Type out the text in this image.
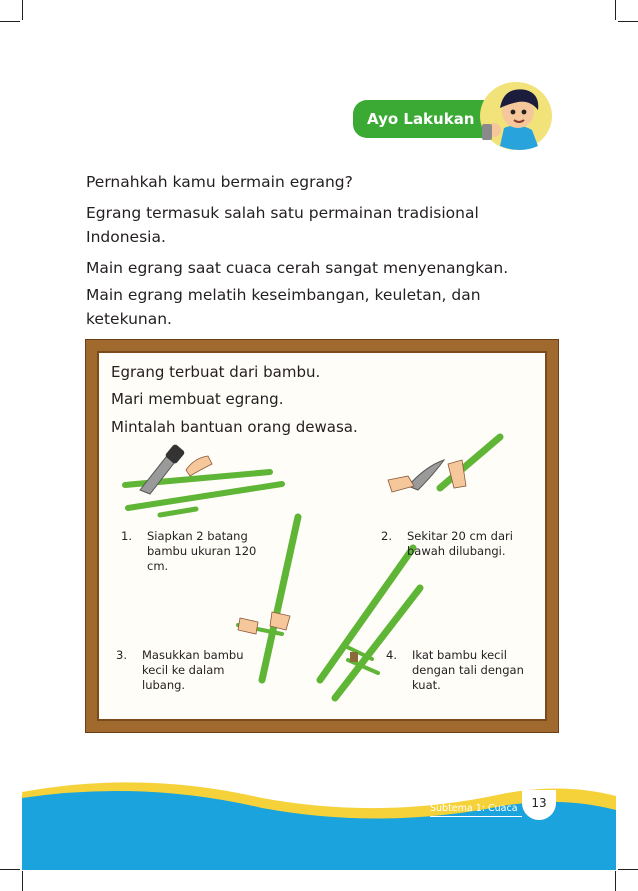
Ayo Lakukan

Pernahkah kamu bermain egrang?

Egrang termasuk salah satu permainan tradisional Indonesia.

Main egrang saat cuaca cerah sangat menyenangkan.

Main egrang melatih keseimbangan, keuletan, dan ketekunan.

Egrang terbuat dari bambu.

Mari membuat egrang.

Mintalah bantuan orang dewasa.

1.	Siapkan 2 batang bambu ukuran 120 cm.
2.	Sekitar 20 cm dari bawah dilubangi.
3.	Masukkan bambu kecil ke dalam lubang.
4.	Ikat bambu kecil dengan tali dengan kuat.
Subtema 1: Cuaca	13
